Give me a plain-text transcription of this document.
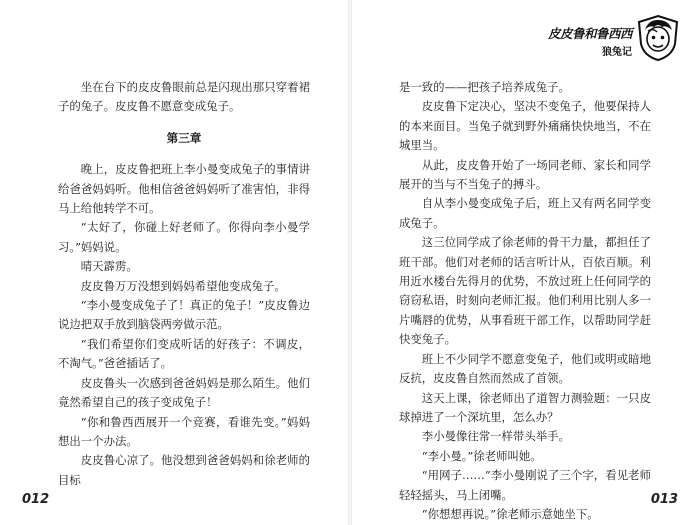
坐在台下的皮皮鲁眼前总是闪现出那只穿着裙子的兔子。皮皮鲁不愿意变成兔子。

第三章

晚上，皮皮鲁把班上李小曼变成兔子的事情讲给爸爸妈妈听。他相信爸爸妈妈听了准害怕，非得马上给他转学不可。

“太好了，你碰上好老师了。你得向李小曼学习。”妈妈说。

晴天霹雳。

皮皮鲁万万没想到妈妈希望他变成兔子。

“李小曼变成兔子了！真正的兔子！”皮皮鲁边说边把双手放到脑袋两旁做示范。

“我们希望你们变成听话的好孩子：不调皮，不淘气。”爸爸插话了。

皮皮鲁头一次感到爸爸妈妈是那么陌生。他们竟然希望自己的孩子变成兔子！

“你和鲁西西展开一个竞赛，看谁先变。”妈妈想出一个办法。

皮皮鲁心凉了。他没想到爸爸妈妈和徐老师的目标

012
皮皮鲁和鲁西西
狼兔记

是一致的——把孩子培养成兔子。

皮皮鲁下定决心，坚决不变兔子，他要保持人的本来面目。当兔子就到野外痛痛快快地当，不在城里当。

从此，皮皮鲁开始了一场同老师、家长和同学展开的当与不当兔子的搏斗。

自从李小曼变成兔子后，班上又有两名同学变成兔子。

这三位同学成了徐老师的骨干力量，都担任了班干部。他们对老师的话言听计从，百依百顺。利用近水楼台先得月的优势，不放过班上任何同学的窃窃私语，时刻向老师汇报。他们利用比别人多一片嘴唇的优势，从事看班干部工作，以帮助同学赶快变兔子。

班上不少同学不愿意变兔子，他们或明或暗地反抗，皮皮鲁自然而然成了首领。

这天上课，徐老师出了道智力测验题：一只皮球掉进了一个深坑里，怎么办？

李小曼像往常一样带头举手。

“李小曼。”徐老师叫她。

“用网子……”李小曼刚说了三个字，看见老师轻轻摇头，马上闭嘴。

“你想想再说。”徐老师示意她坐下。

013
